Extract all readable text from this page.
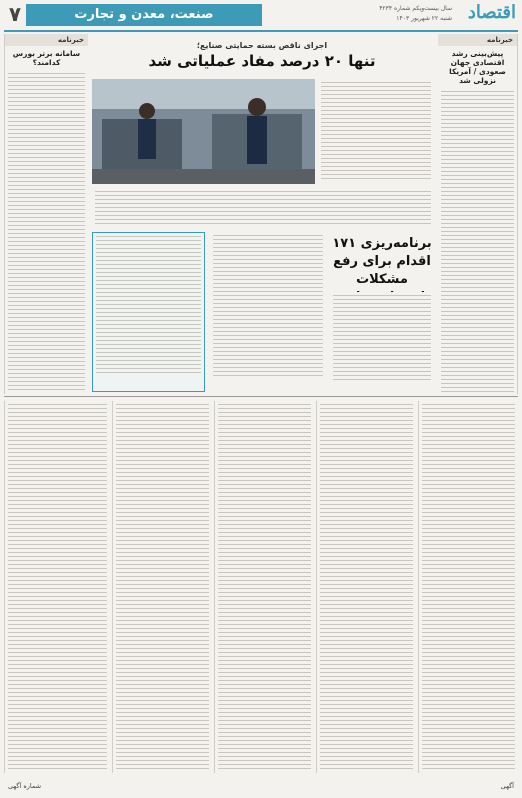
اقتصاد
سال بیست‌ویکم شماره ۴۲۳۴
شنبه ۲۲ شهریور ۱۴۰۳
صنعت، معدن و تجارت
۷
خبرنامه
پیش‌بینی رشد اقتصادی جهان صعودی / آمریکا نزولی شد
خبرنامه
سامانه برتر بورس کدامند؟
اجرای ناقص بسته حمایتی صنایع؛
تنها ۲۰ درصد مفاد عملیاتی شد
برنامه‌ریزی ۱۷۱ اقدام برای رفع مشکلات
آگهی
شماره آگهی
